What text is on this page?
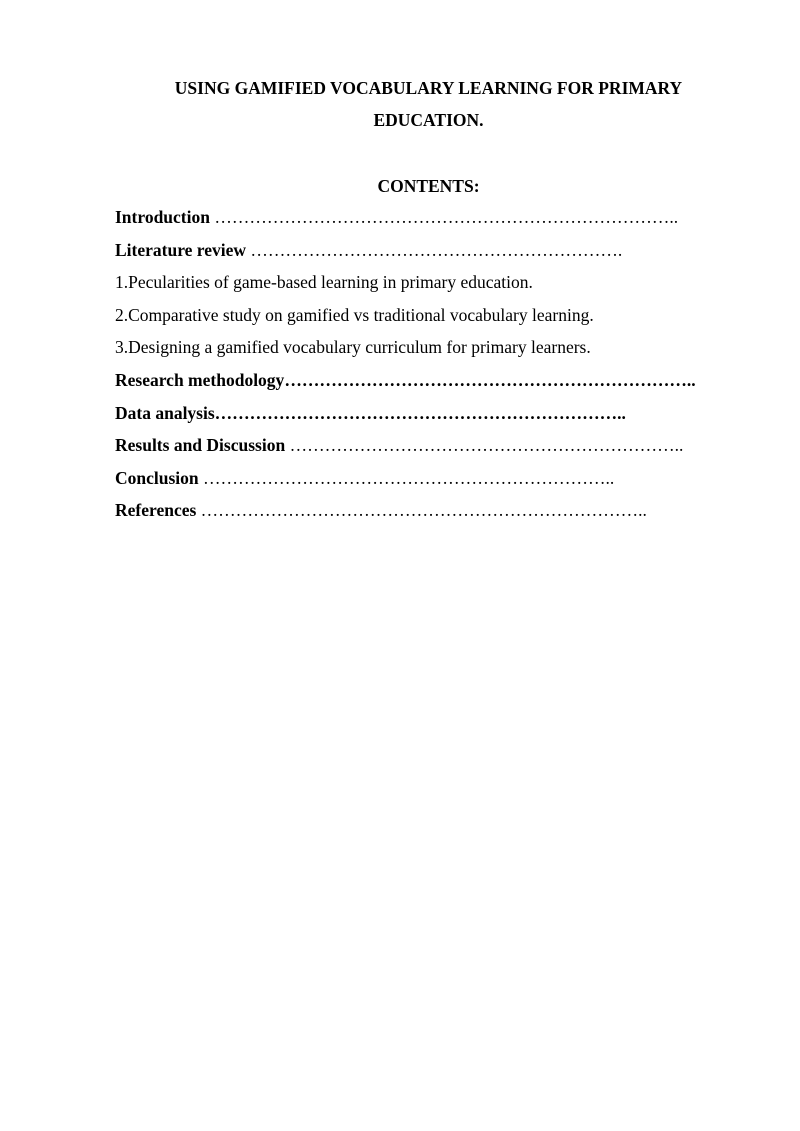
USING GAMIFIED VOCABULARY LEARNING FOR PRIMARY

EDUCATION.

CONTENTS:

Introduction ……………………………………………………………………..
Literature review ……………………………………………………….
1.Pecularities of game-based learning in primary education.
2.Comparative study on gamified vs traditional vocabulary learning.
3.Designing a gamified vocabulary curriculum for primary learners.
Research methodology……………………………………………………………..
Data analysis……………………………………………………………..
Results and Discussion …………………………………………………………..
Conclusion ……………………………………………………………..
References …………………………………………………………………..
